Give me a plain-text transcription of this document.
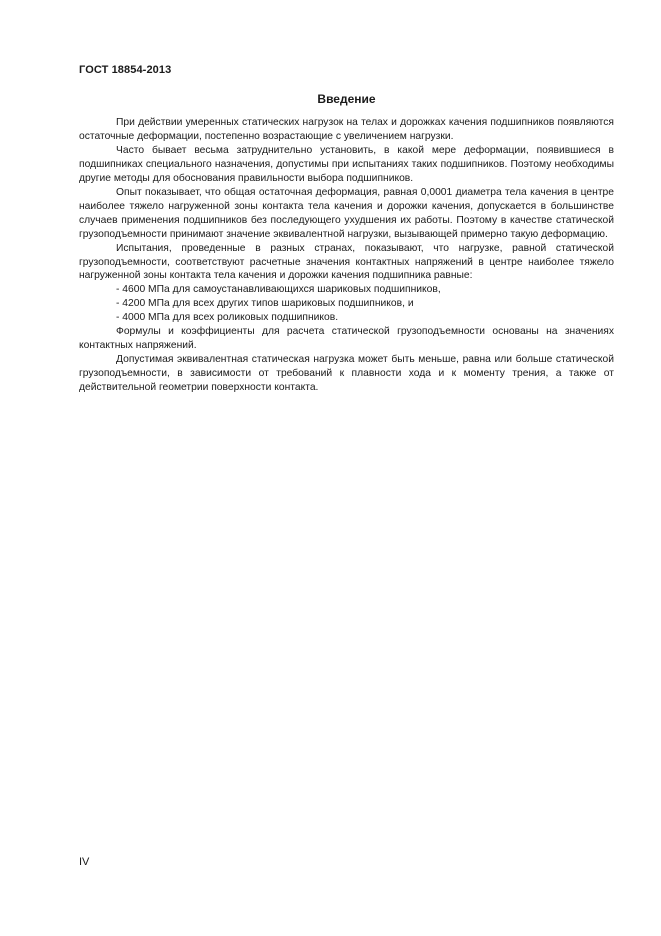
ГОСТ 18854-2013
Введение

При действии умеренных статических нагрузок на телах и дорожках качения подшипников появляются остаточные деформации, постепенно возрастающие с увеличением нагрузки.

Часто бывает весьма затруднительно установить, в какой мере деформации, появившиеся в подшипниках специального назначения, допустимы при испытаниях таких подшипников. Поэтому необходимы другие методы для обоснования правильности выбора подшипников.

Опыт показывает, что общая остаточная деформация, равная 0,0001 диаметра тела качения в центре наиболее тяжело нагруженной зоны контакта тела качения и дорожки качения, допускается в большинстве случаев применения подшипников без последующего ухудшения их работы. Поэтому в качестве статической грузоподъемности принимают значение эквивалентной нагрузки, вызывающей примерно такую деформацию.

Испытания, проведенные в разных странах, показывают, что нагрузке, равной статической грузоподъемности, соответствуют расчетные значения контактных напряжений в центре наиболее тяжело нагруженной зоны контакта тела качения и дорожки качения подшипника равные:

- 4600 МПа для самоустанавливающихся шариковых подшипников,

- 4200 МПа для всех других типов шариковых подшипников, и

- 4000 МПа для всех роликовых подшипников.

Формулы и коэффициенты для расчета статической грузоподъемности основаны на значениях контактных напряжений.

Допустимая эквивалентная статическая нагрузка может быть меньше, равна или больше статической грузоподъемности, в зависимости от требований к плавности хода и к моменту трения, а также от действительной геометрии поверхности контакта.

IV
